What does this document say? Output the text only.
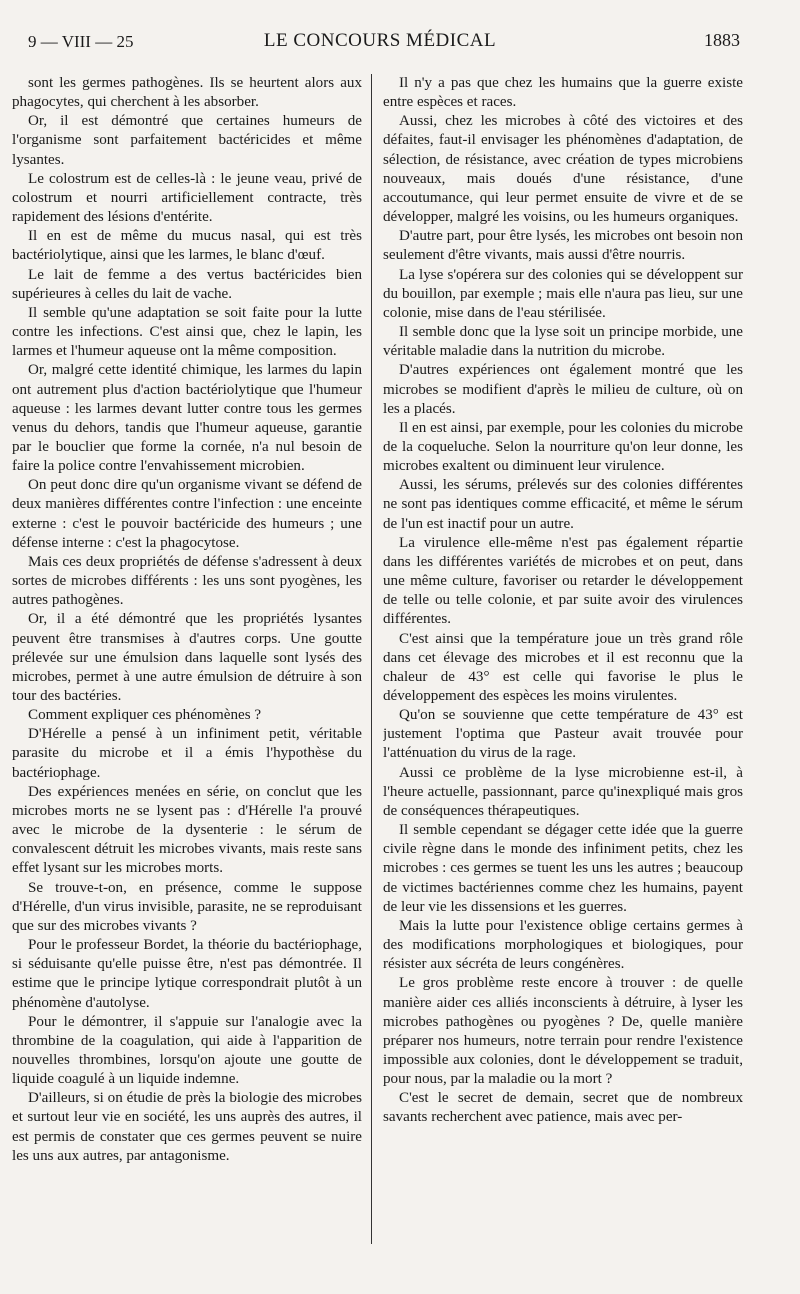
9 — VIII — 25	LE CONCOURS MÉDICAL	1883

sont les germes pathogènes. Ils se heurtent alors aux phagocytes, qui cherchent à les absorber.

Or, il est démontré que certaines humeurs de l'organisme sont parfaitement bactéricides et même lysantes.

Le colostrum est de celles-là : le jeune veau, privé de colostrum et nourri artificiellement contracte, très rapidement des lésions d'entérite.

Il en est de même du mucus nasal, qui est très bactériolytique, ainsi que les larmes, le blanc d'œuf.

Le lait de femme a des vertus bactéricides bien supérieures à celles du lait de vache.

Il semble qu'une adaptation se soit faite pour la lutte contre les infections. C'est ainsi que, chez le lapin, les larmes et l'humeur aqueuse ont la même composition.

Or, malgré cette identité chimique, les larmes du lapin ont autrement plus d'action bactériolytique que l'humeur aqueuse : les larmes devant lutter contre tous les germes venus du dehors, tandis que l'humeur aqueuse, garantie par le bouclier que forme la cornée, n'a nul besoin de faire la police contre l'envahissement microbien.

On peut donc dire qu'un organisme vivant se défend de deux manières différentes contre l'infection : une enceinte externe : c'est le pouvoir bactéricide des humeurs ; une défense interne : c'est la phagocytose.

Mais ces deux propriétés de défense s'adressent à deux sortes de microbes différents : les uns sont pyogènes, les autres pathogènes.

Or, il a été démontré que les propriétés lysantes peuvent être transmises à d'autres corps. Une goutte prélevée sur une émulsion dans laquelle sont lysés des microbes, permet à une autre émulsion de détruire à son tour des bactéries.

Comment expliquer ces phénomènes ?

D'Hérelle a pensé à un infiniment petit, véritable parasite du microbe et il a émis l'hypothèse du bactériophage.

Des expériences menées en série, on conclut que les microbes morts ne se lysent pas : d'Hérelle l'a prouvé avec le microbe de la dysenterie : le sérum de convalescent détruit les microbes vivants, mais reste sans effet lysant sur les microbes morts.

Se trouve-t-on, en présence, comme le suppose d'Hérelle, d'un virus invisible, parasite, ne se reproduisant que sur des microbes vivants ?

Pour le professeur Bordet, la théorie du bactériophage, si séduisante qu'elle puisse être, n'est pas démontrée. Il estime que le principe lytique correspondrait plutôt à un phénomène d'autolyse.

Pour le démontrer, il s'appuie sur l'analogie avec la thrombine de la coagulation, qui aide à l'apparition de nouvelles thrombines, lorsqu'on ajoute une goutte de liquide coagulé à un liquide indemne.

D'ailleurs, si on étudie de près la biologie des microbes et surtout leur vie en société, les uns auprès des autres, il est permis de constater que ces germes peuvent se nuire les uns aux autres, par antagonisme.

Il n'y a pas que chez les humains que la guerre existe entre espèces et races.

Aussi, chez les microbes à côté des victoires et des défaites, faut-il envisager les phénomènes d'adaptation, de sélection, de résistance, avec création de types microbiens nouveaux, mais doués d'une résistance, d'une accoutumance, qui leur permet ensuite de vivre et de se développer, malgré les voisins, ou les humeurs organiques.

D'autre part, pour être lysés, les microbes ont besoin non seulement d'être vivants, mais aussi d'être nourris.

La lyse s'opérera sur des colonies qui se développent sur du bouillon, par exemple ; mais elle n'aura pas lieu, sur une colonie, mise dans de l'eau stérilisée.

Il semble donc que la lyse soit un principe morbide, une véritable maladie dans la nutrition du microbe.

D'autres expériences ont également montré que les microbes se modifient d'après le milieu de culture, où on les a placés.

Il en est ainsi, par exemple, pour les colonies du microbe de la coqueluche. Selon la nourriture qu'on leur donne, les microbes exaltent ou diminuent leur virulence.

Aussi, les sérums, prélevés sur des colonies différentes ne sont pas identiques comme efficacité, et même le sérum de l'un est inactif pour un autre.

La virulence elle-même n'est pas également répartie dans les différentes variétés de microbes et on peut, dans une même culture, favoriser ou retarder le développement de telle ou telle colonie, et par suite avoir des virulences différentes.

C'est ainsi que la température joue un très grand rôle dans cet élevage des microbes et il est reconnu que la chaleur de 43° est celle qui favorise le plus le développement des espèces les moins virulentes.

Qu'on se souvienne que cette température de 43° est justement l'optima que Pasteur avait trouvée pour l'atténuation du virus de la rage.

Aussi ce problème de la lyse microbienne est-il, à l'heure actuelle, passionnant, parce qu'inexpliqué mais gros de conséquences thérapeutiques.

Il semble cependant se dégager cette idée que la guerre civile règne dans le monde des infiniment petits, chez les microbes : ces germes se tuent les uns les autres ; beaucoup de victimes bactériennes comme chez les humains, payent de leur vie les dissensions et les guerres.

Mais la lutte pour l'existence oblige certains germes à des modifications morphologiques et biologiques, pour résister aux sécréta de leurs congénères.

Le gros problème reste encore à trouver : de quelle manière aider ces alliés inconscients à détruire, à lyser les microbes pathogènes ou pyogènes ? De, quelle manière préparer nos humeurs, notre terrain pour rendre l'existence impossible aux colonies, dont le développement se traduit, pour nous, par la maladie ou la mort ?

C'est le secret de demain, secret que de nombreux savants recherchent avec patience, mais avec per-
